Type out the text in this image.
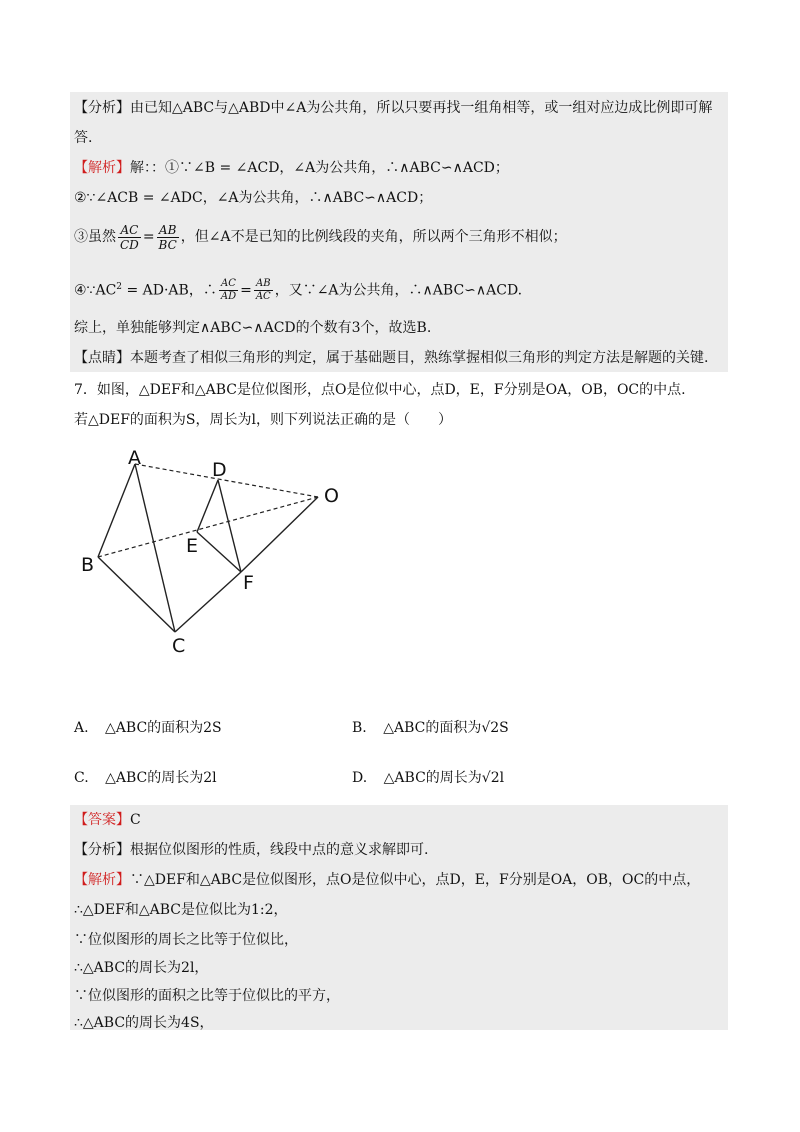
【分析】由已知△ABC与△ABD中∠A为公共角，所以只要再找一组角相等，或一组对应边成比例即可解
答.
【解析】解：：①∵∠B = ∠ACD，∠A为公共角，∴∧ABC∽∧ACD；
②∵∠ACB = ∠ADC，∠A为公共角，∴∧ABC∽∧ACD；
③虽然 $\frac{AC}{CD} = \frac{AB}{BC}$ ，但∠A不是已知的比例线段的夹角，所以两个三角形不相似；
$④\because AC^2 = AD\cdot AB$，∴ $\frac{AC}{AD} = \frac{AB}{AC}$ ，又∵∠A为公共角，∴∧ABC∽∧ACD.
综上，单独能够判定∧ABC∽∧ACD的个数有3个，故选B.
【点睛】本题考查了相似三角形的判定，属于基础题目，熟练掌握相似三角形的判定方法是解题的关键.
7．如图，△DEF和△ABC是位似图形，点O是位似中心，点D，E，F分别是OA，OB，OC的中点.
若△DEF的面积为S，周长为l，则下列说法正确的是（　　）
A
B
C
D
E
F
O
A. △ABC的面积为2S	B. △ABC的面积为√2S
C. △ABC的周长为2l	D. △ABC的周长为√2l
【答案】C
【分析】根据位似图形的性质，线段中点的意义求解即可.
【解析】∵△DEF和△ABC是位似图形，点O是位似中心，点D，E，F分别是OA，OB，OC的中点，
∴△DEF和△ABC是位似比为1:2，
∵位似图形的周长之比等于位似比，
∴△ABC的周长为2l，
∵位似图形的面积之比等于位似比的平方，
∴△ABC的周长为4S，
